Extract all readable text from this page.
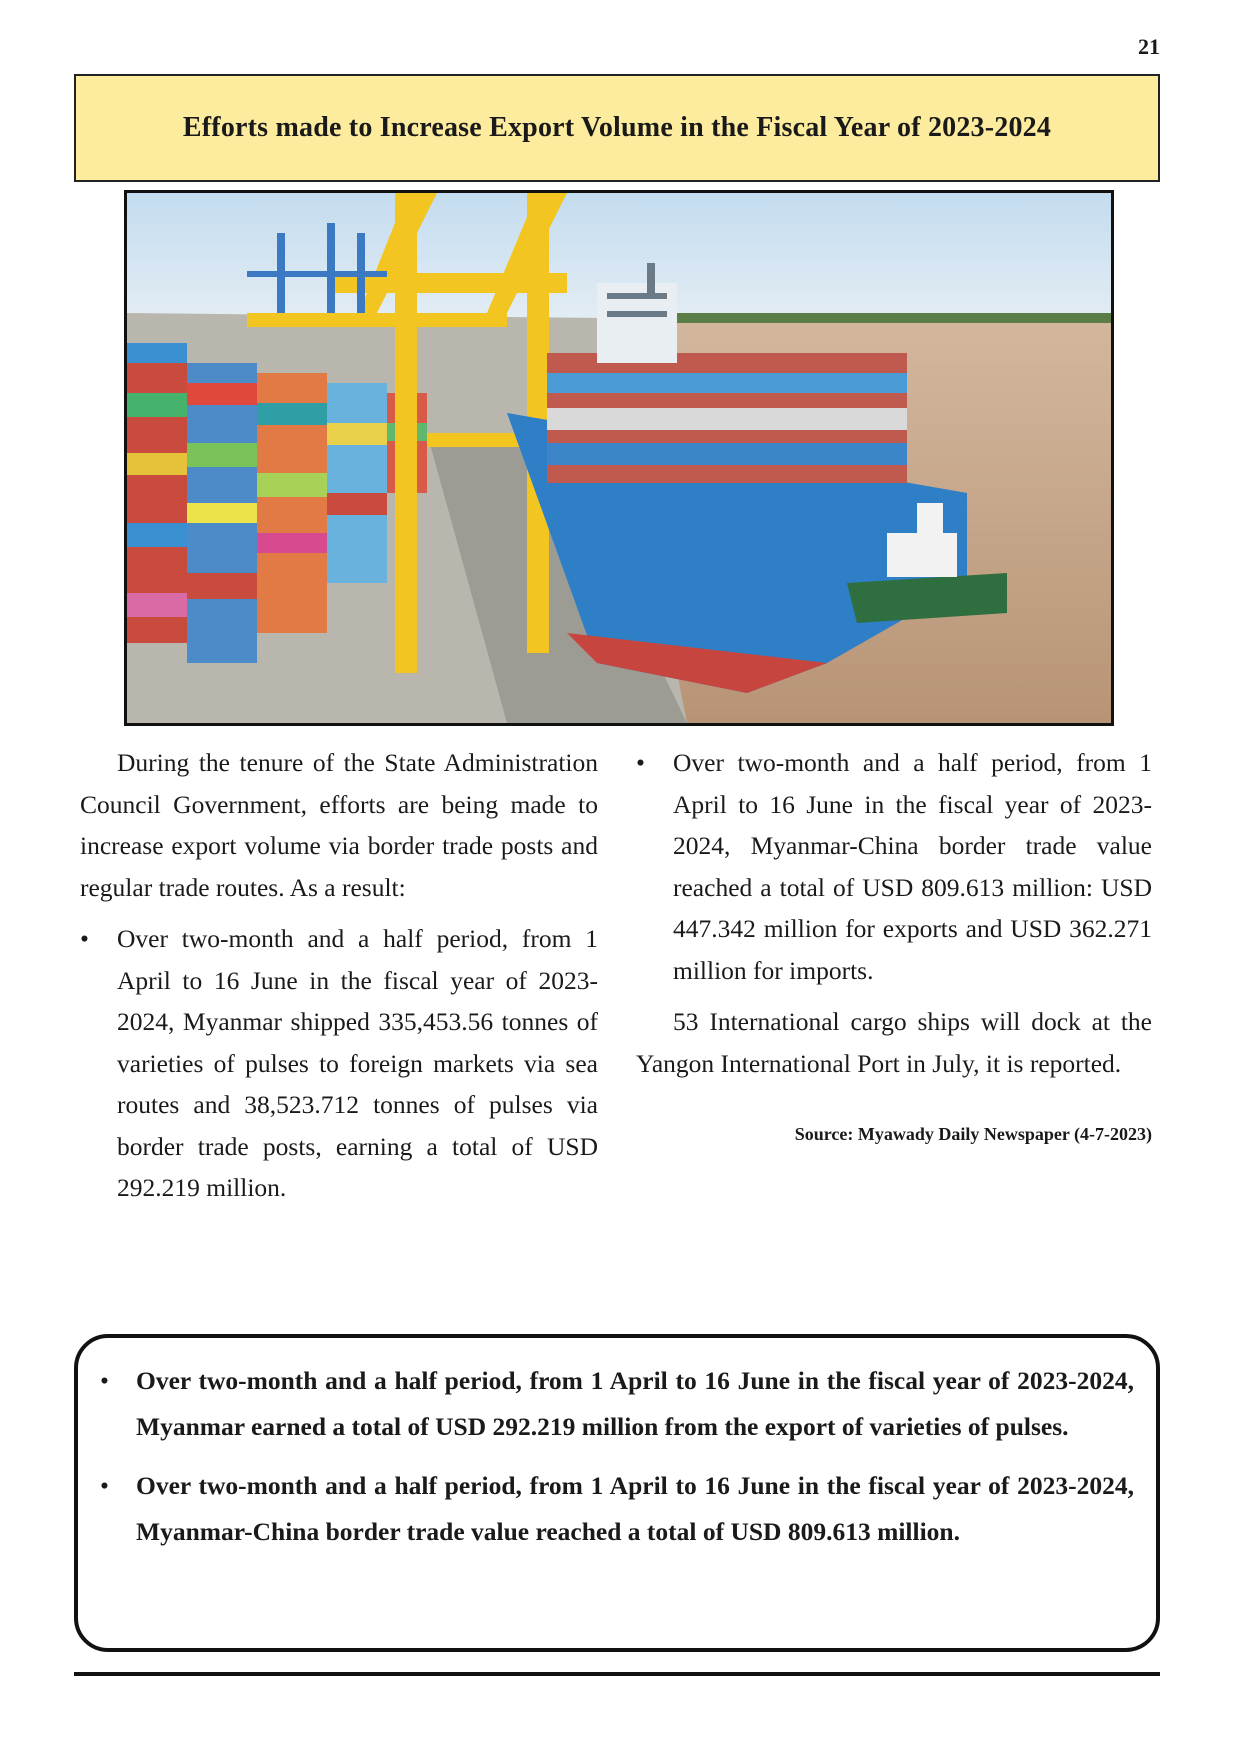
21
Efforts made to Increase Export Volume in the Fiscal Year of 2023-2024

During the tenure of the State Administration Council Government, efforts are being made to increase export volume via border trade posts and regular trade routes. As a result:

• Over two-month and a half period, from 1 April to 16 June in the fiscal year of 2023-2024, Myanmar shipped 335,453.56 tonnes of varieties of pulses to foreign markets via sea routes and 38,523.712 tonnes of pulses via border trade posts, earning a total of USD 292.219 million.
• Over two-month and a half period, from 1 April to 16 June in the fiscal year of 2023-2024, Myanmar-China border trade value reached a total of USD 809.613 million: USD 447.342 million for exports and USD 362.271 million for imports.

53 International cargo ships will dock at the Yangon International Port in July, it is reported.

Source: Myawady Daily Newspaper (4-7-2023)
• Over two-month and a half period, from 1 April to 16 June in the fiscal year of 2023-2024, Myanmar earned a total of USD 292.219 million from the export of varieties of pulses.
• Over two-month and a half period, from 1 April to 16 June in the fiscal year of 2023-2024, Myanmar-China border trade value reached a total of USD 809.613 million.
